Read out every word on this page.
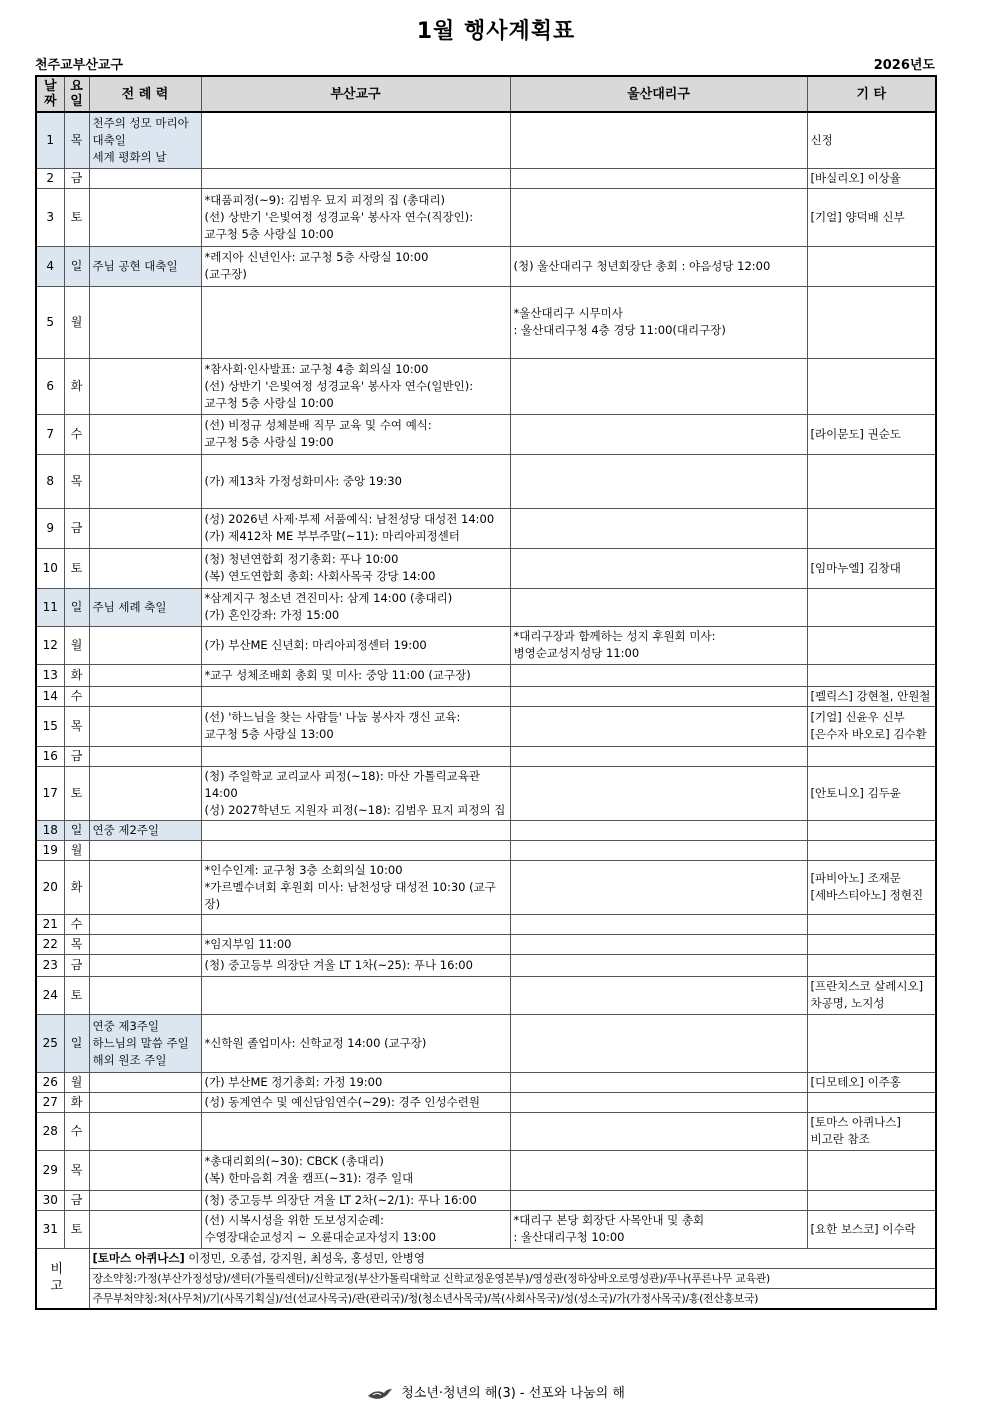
1월 행사계획표
천주교부산교구	2026년도
날
짜	요
일	전 례 력	부산교구	울산대리구	기 타
1	목	천주의 성모 마리아
대축일
세계 평화의 날			신정
2	금				[바실리오] 이상율
3	토		*대품피정(~9): 김범우 묘지 피정의 집 (총대리)
(선) 상반기 '은빛여정 성경교육' 봉사자 연수(직장인):
교구청 5층 사랑실 10:00		[기얼] 양덕배 신부
4	일	주님 공현 대축일	*레지아 신년인사: 교구청 5층 사랑실 10:00
(교구장)	(청) 울산대리구 청년회장단 총회 : 야음성당 12:00	
5	월			*울산대리구 시무미사
: 울산대리구청 4층 경당 11:00(대리구장)	
6	화		*참사회·인사발표: 교구청 4층 회의실 10:00
(선) 상반기 '은빛여정 성경교육' 봉사자 연수(일반인):
교구청 5층 사랑실 10:00		
7	수		(선) 비정규 성체분배 직무 교육 및 수여 예식:
교구청 5층 사랑실 19:00		[라이문도] 권순도
8	목		(가) 제13차 가정성화미사: 중앙 19:30		
9	금		(성) 2026년 사제·부제 서품예식: 남천성당 대성전 14:00
(가) 제412차 ME 부부주말(~11): 마리아피정센터		
10	토		(청) 청년연합회 정기총회: 푸나 10:00
(복) 연도연합회 총회: 사회사목국 강당 14:00		[임마누엘] 김창대
11	일	주님 세례 축일	*삼계지구 청소년 견진미사: 삼계 14:00 (총대리)
(가) 혼인강좌: 가정 15:00		
12	월		(가) 부산ME 신년회: 마리아피정센터 19:00	*대리구장과 함께하는 성지 후원회 미사:
병영순교성지성당 11:00	
13	화		*교구 성체조배회 총회 및 미사: 중앙 11:00 (교구장)		
14	수				[펠릭스] 강현철, 안원철
15	목		(선) '하느님을 찾는 사람들' 나눔 봉사자 갱신 교육:
교구청 5층 사랑실 13:00		[기얼] 신윤우 신부
[은수자 바오로] 김수환
16	금				
17	토		(청) 주일학교 교리교사 피정(~18): 마산 가톨릭교육관 14:00
(성) 2027학년도 지원자 피정(~18): 김범우 묘지 피정의 집		[안토니오] 김두윤
18	일	연중 제2주일			
19	월				
20	화		*인수인계: 교구청 3층 소회의실 10:00
*가르멜수녀회 후원회 미사: 남천성당 대성전 10:30 (교구장)		[파비아노] 조재문
[세바스티아노] 정현진
21	수				
22	목		*임지부임 11:00		
23	금		(청) 중고등부 의장단 겨울 LT 1차(~25): 푸나 16:00		
24	토				[프란치스코 살레시오]
차공명, 노지성
25	일	연중 제3주일
하느님의 말씀 주일
해외 원조 주일	*신학원 졸업미사: 신학교정 14:00 (교구장)		
26	월		(가) 부산ME 정기총회: 가정 19:00		[디모테오] 이주홍
27	화		(성) 동계연수 및 예신담임연수(~29): 경주 인성수련원		
28	수				[토마스 아퀴나스]
비고란 참조
29	목		*총대리회의(~30): CBCK (총대리)
(복) 한마음회 겨울 캠프(~31): 경주 일대		
30	금		(청) 중고등부 의장단 겨울 LT 2차(~2/1): 푸나 16:00		
31	토		(선) 시복시성을 위한 도보성지순례:
수영장대순교성지 ~ 오륜대순교자성지 13:00	*대리구 본당 회장단 사목안내 및 총회
: 울산대리구청 10:00	[요한 보스코] 이수락
비 고		[토마스 아퀴나스] 이정민, 오종섭, 강지원, 최성욱, 홍성민, 안병영			
		장소약칭:가정(부산가정성당)/센터(가톨릭센터)/신학교정(부산가톨릭대학교 신학교정운영본부)/영성관(정하상바오로영성관)/푸나(푸른나무 교육관)			
		주무부처약칭:처(사무처)/기(사목기획실)/선(선교사목국)/관(관리국)/청(청소년사목국)/복(사회사목국)/성(성소국)/가(가정사목국)/홍(전산홍보국)			
청소년·청년의 해(3) - 선포와 나눔의 해
